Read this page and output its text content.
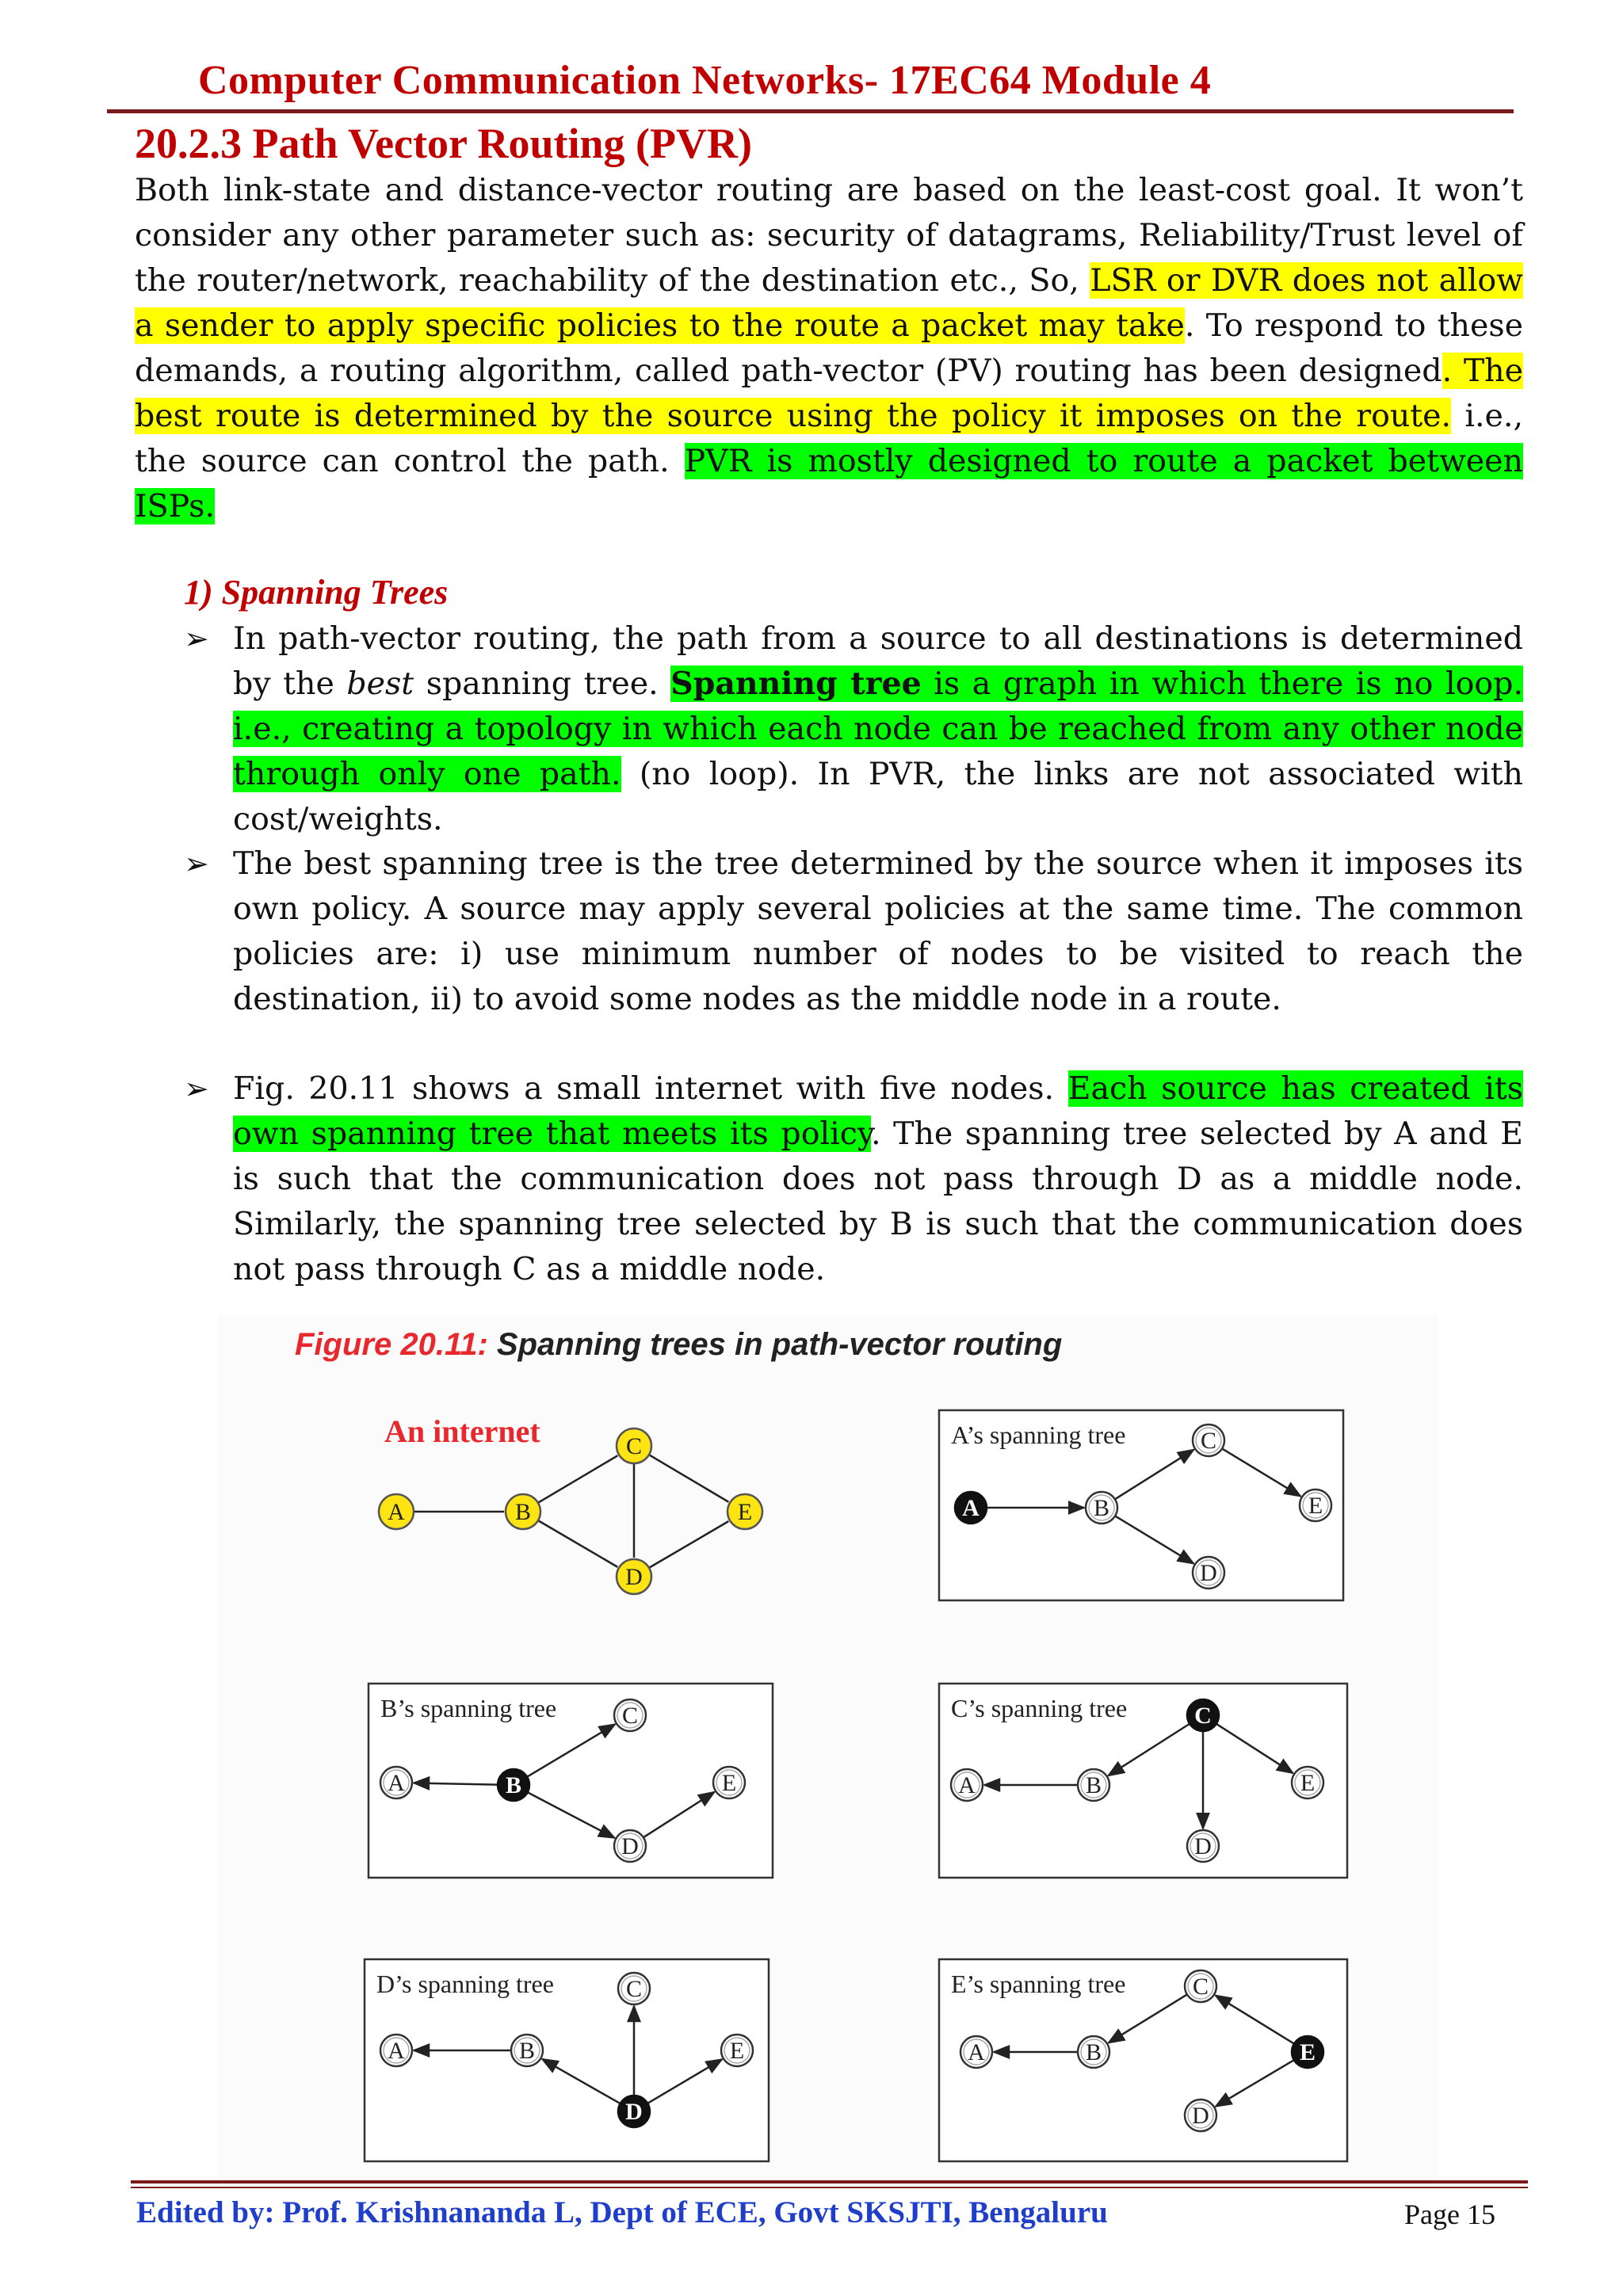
Computer Communication Networks- 17EC64 Module 4
20.2.3 Path Vector Routing (PVR)
Both link-state and distance-vector routing are based on the least-cost goal. It won’t consider any other parameter such as: security of datagrams, Reliability/Trust level of the router/network, reachability of the destination etc., So, LSR or DVR does not allow a sender to apply specific policies to the route a packet may take. To respond to these demands, a routing algorithm, called path-vector (PV) routing has been designed. The best route is determined by the source using the policy it imposes on the route. i.e., the source can control the path. PVR is mostly designed to route a packet between ISPs.
1) Spanning Trees
➢ In path-vector routing, the path from a source to all destinations is determined by the best spanning tree. Spanning tree is a graph in which there is no loop. i.e., creating a topology in which each node can be reached from any other node through only one path. (no loop). In PVR, the links are not associated with cost/weights.
➢ The best spanning tree is the tree determined by the source when it imposes its own policy. A source may apply several policies at the same time. The common policies are: i) use minimum number of nodes to be visited to reach the destination, ii) to avoid some nodes as the middle node in a route.
➢ Fig. 20.11 shows a small internet with five nodes. Each source has created its own spanning tree that meets its policy. The spanning tree selected by A and E is such that the communication does not pass through D as a middle node. Similarly, the spanning tree selected by B is such that the communication does not pass through C as a middle node.
Figure 20.11: Spanning trees in path-vector routing
An internet
A	B
C
D
E
A’s spanning tree
A	B
C
D
E
B’s spanning tree
A	B
C
D
E
C’s spanning tree
A	B
C
D
E
D’s spanning tree
A	B
C
D
E
E’s spanning tree
A	B
C
D
E
Edited by: Prof. Krishnananda L, Dept of ECE, Govt SKSJTI, Bengaluru	Page 15
